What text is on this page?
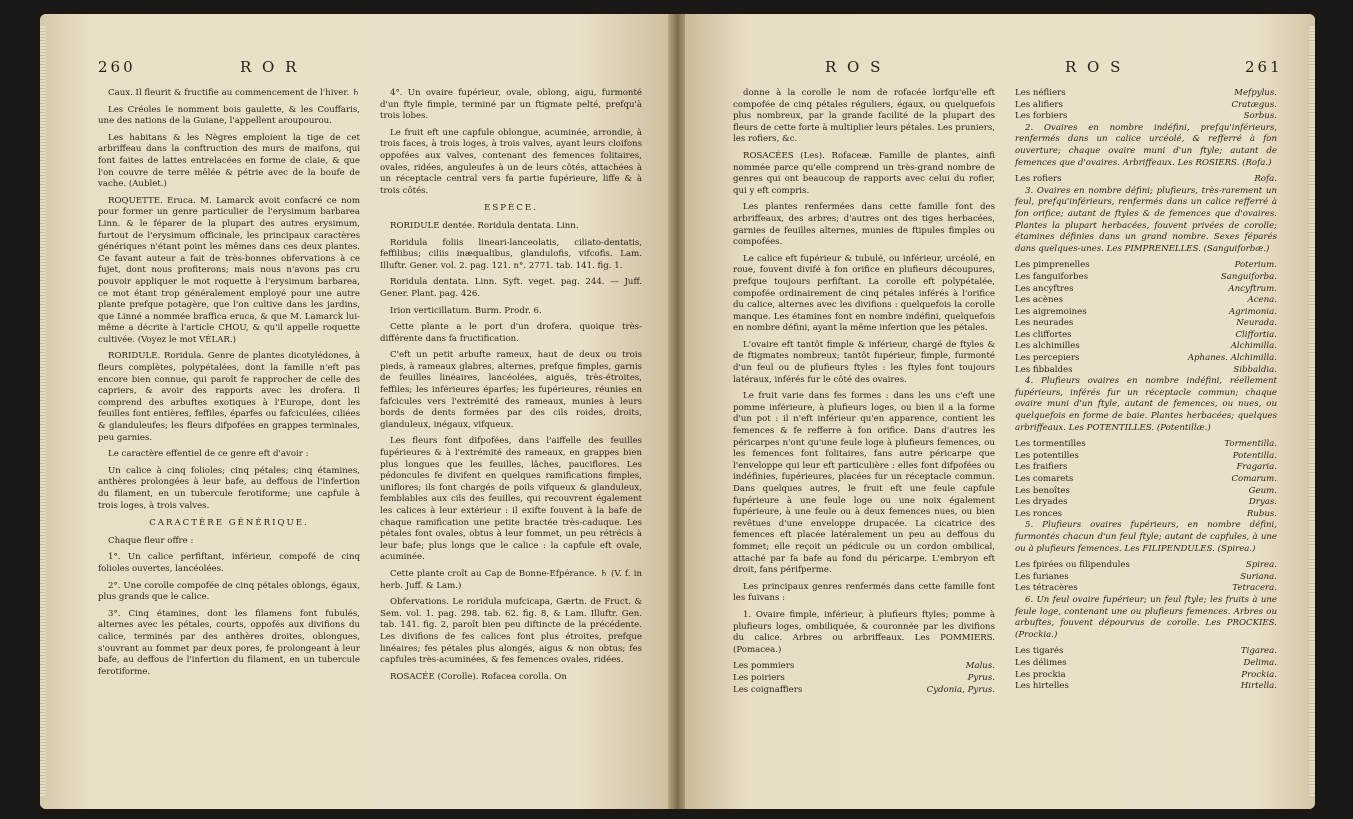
260	R O R

Caux. Il fleurit & fructifie au commencement de l'hiver. ♄

Les Créoles le nomment bois gaulette, & les Couffaris, une des nations de la Guiane, l'appellent aroupourou.

Les habitans & les Nègres emploient la tige de cet arbriffeau dans la conftruction des murs de maifons, qui font faites de lattes entrelacées en forme de claie, & que l'on couvre de terre mêlée & pétrie avec de la boufe de vache. (Aublet.)

ROQUETTE. Eruca. M. Lamarck avoit confacré ce nom pour former un genre particulier de l'erysimum barbarea Linn. & le féparer de la plupart des autres erysimum, furtout de l'erysimum officinale, les principaux caractères génériques n'étant point les mêmes dans ces deux plantes. Ce favant auteur a fait de très-bonnes obfervations à ce fujet, dont nous profiterons; mais nous n'avons pas cru pouvoir appliquer le mot roquette à l'erysimum barbarea, ce mot étant trop généralement employé pour une autre plante prefque potagère, que l'on cultive dans les jardins, que Linné a nommée braffica eruca, & que M. Lamarck lui-même a décrite à l'article CHOU, & qu'il appelle roquette cultivée. (Voyez le mot VÉLAR.)

RORIDULE. Roridula. Genre de plantes dicotylédones, à fleurs complètes, polypétalées, dont la famille n'eft pas encore bien connue, qui paroît fe rapprocher de celle des capriers, & avoir des rapports avec les drofera. Il comprend des arbuftes exotiques à l'Europe, dont les feuilles font entières, feffiles, éparfes ou fafciculées, ciliées & glanduleufes; les fleurs difpofées en grappes terminales, peu garnies.

Le caractère effentiel de ce genre eft d'avoir :

Un calice à cinq folioles; cinq pétales; cinq étamines, anthères prolongées à leur bafe, au deffous de l'infertion du filament, en un tubercule ferotiforme; une capfule à trois loges, à trois valves.

CARACTÈRE GÉNÉRIQUE.

Chaque fleur offre :

1°. Un calice perfiftant, inférieur, compofé de cinq folioles ouvertes, lancéolées.

2°. Une corolle compofée de cinq pétales oblongs, égaux, plus grands que le calice.

3°. Cinq étamines, dont les filamens font fubulés, alternes avec les pétales, courts, oppofés aux divifions du calice, terminés par des anthères droites, oblongues, s'ouvrant au fommet par deux pores, fe prolongeant à leur bafe, au deffous de l'infertion du filament, en un tubercule ferotiforme.

4°. Un ovaire fupérieur, ovale, oblong, aigu, furmonté d'un ftyle fimple, terminé par un ftigmate pelté, prefqu'à trois lobes.

Le fruit eft une capfule oblongue, acuminée, arrondie, à trois faces, à trois loges, à trois valves, ayant leurs cloifons oppofées aux valves, contenant des femences folitaires, ovales, ridées, anguleufes à un de leurs côtés, attachées à un réceptacle central vers fa partie fupérieure, liffe & à trois côtés.

ESPÈCE.

RORIDULE dentée. Roridula dentata. Linn.

Roridula foliis lineari-lanceolatis, ciliato-dentatis, feffilibus; ciliis inæqualibus, glandulofis, vifcofis. Lam. Illuftr. Gener. vol. 2. pag. 121. n°. 2771. tab. 141. fig. 1.

Roridula dentata. Linn. Syft. veget. pag. 244. — Juff. Gener. Plant. pag. 426.

Irion verticillatum. Burm. Prodr. 6.

Cette plante a le port d'un drofera, quoique très-différente dans fa fructification.

C'eft un petit arbufte rameux, haut de deux ou trois pieds, à rameaux glabres, alternes, prefque fimples, garnis de feuilles linéaires, lancéolées, aiguës, très-étroites, feffiles; les inférieures éparfes; les fupérieures, réunies en fafcicules vers l'extrémité des rameaux, munies à leurs bords de dents formées par des cils roides, droits, glanduleux, inégaux, vifqueux.

Les fleurs font difpofées, dans l'aiffelle des feuilles fupérieures & à l'extrémité des rameaux, en grappes bien plus longues que les feuilles, lâches, pauciflores. Les pédoncules fe divifent en quelques ramifications fimples, uniflores; ils font chargés de poils vifqueux & glanduleux, femblables aux cils des feuilles, qui recouvrent également les calices à leur extérieur : il exifte fouvent à la bafe de chaque ramification une petite bractée très-caduque. Les pétales font ovales, obtus à leur fommet, un peu rétrécis à leur bafe; plus longs que le calice : la capfule eft ovale, acuminée.

Cette plante croît au Cap de Bonne-Efpérance. ♄ (V. f. in herb. Juff. & Lam.)

Obfervations. Le roridula mufcicapa, Gærtn. de Fruct. & Sem. vol. 1. pag. 298. tab. 62. fig. 8, & Lam. Illuftr. Gen. tab. 141. fig. 2, paroît bien peu diftincte de la précédente. Les divifions de fes calices font plus étroites, prefque linéaires; fes pétales plus alongés, aigus & non obtus; fes capfules très-acuminées, & fes femences ovales, ridées.

ROSACÉE (Corolle). Rofacea corolla. On

R O S	R O S	261

donne à la corolle le nom de rofacée lorfqu'elle eft compofée de cinq pétales réguliers, égaux, ou quelquefois plus nombreux, par la grande facilité de la plupart des fleurs de cette forte à multiplier leurs pétales. Les pruniers, les rofiers, &c.

ROSACÉES (Les). Rofaceæ. Famille de plantes, ainfi nommée parce qu'elle comprend un très-grand nombre de genres qui ont beaucoup de rapports avec celui du rofier, qui y eft compris.

Les plantes renfermées dans cette famille font des arbriffeaux, des arbres; d'autres ont des tiges herbacées, garnies de feuilles alternes, munies de ftipules fimples ou compofées.

Le calice eft fupérieur & tubulé, ou inférieur, urcéolé, en roue, fouvent divifé à fon orifice en plufieurs découpures, prefque toujours perfiftant. La corolle eft polypétalée, compofée ordinairement de cinq pétales inférés à l'orifice du calice, alternes avec les divifions : quelquefois la corolle manque. Les étamines font en nombre indéfini, quelquefois en nombre défini, ayant la même infertion que les pétales.

L'ovaire eft tantôt fimple & inférieur, chargé de ftyles & de ftigmates nombreux; tantôt fupérieur, fimple, furmonté d'un feul ou de plufieurs ftyles : les ftyles font toujours latéraux, inférés fur le côté des ovaires.

Le fruit varie dans fes formes : dans les uns c'eft une pomme inférieure, à plufieurs loges, ou bien il a la forme d'un pot : il n'eft inférieur qu'en apparence, contient les femences & fe refferre à fon orifice. Dans d'autres les péricarpes n'ont qu'une feule loge à plufieurs femences, ou les femences font folitaires, fans autre péricarpe que l'enveloppe qui leur eft particulière : elles font difpofées ou indéfinies, fupérieures, placées fur un réceptacle commun. Dans quelques autres, le fruit eft une feule capfule fupérieure à une feule loge ou une noix également fupérieure, à une feule ou à deux femences nues, ou bien revêtues d'une enveloppe drupacée. La cicatrice des femences eft placée latéralement un peu au deffous du fommet; elle reçoit un pédicule ou un cordon ombilical, attaché par fa bafe au fond du péricarpe. L'embryon eft droit, fans périfperme.

Les principaux genres renfermés dans cette famille font les fuivans :

1. Ovaire fimple, inférieur, à plufieurs ftyles; pomme à plufieurs loges, ombiliquée, & couronnée par les divifions du calice. Arbres ou arbriffeaux. Les POMMIERS. (Pomacea.)

Les pommiers	Malus.
Les poiriers	Pyrus.
Les coignaffiers	Cydonia, Pyrus.
Les néfliers	Mefpylus.
Les alifiers	Cratægus.
Les forbiers	Sorbus.

2. Ovaires en nombre indéfini, prefqu'inférieurs, renfermés dans un calice urcéolé, & refferré à fon ouverture; chaque ovaire muni d'un ftyle; autant de femences que d'ovaires. Arbriffeaux. Les ROSIERS. (Rofa.)

Les rofiers	Rofa.

3. Ovaires en nombre défini; plufieurs, très-rarement un feul, prefqu'inférieurs, renfermés dans un calice refferré à fon orifice; autant de ftyles & de femences que d'ovaires. Plantes la plupart herbacées, fouvent privées de corolle; étamines définies dans un grand nombre. Sexes féparés dans quelques-unes. Les PIMPRENELLES. (Sanguiforbæ.)

Les pimprenelles	Poterium.
Les fanguiforbes	Sanguiforba.
Les ancyftres	Ancyftrum.
Les acènes	Acena.
Les aigremoines	Agrimonia.
Les neurades	Neurada.
Les cliffortes	Cliffortia.
Les alchimilles	Alchimilla.
Les percepiers	Aphanes. Alchimilla.
Les fibbaldes	Sibbaldia.

4. Plufieurs ovaires en nombre indéfini, réellement fupérieurs, inférés fur un réceptacle commun; chaque ovaire muni d'un ftyle, autant de femences, ou nues, ou quelquefois en forme de baie. Plantes herbacées; quelques arbriffeaux. Les POTENTILLES. (Potentillæ.)

Les tormentilles	Tormentilla.
Les potentilles	Potentilla.
Les fraifiers	Fragaria.
Les comarets	Comarum.
Les benoîtes	Geum.
Les dryades	Dryas.
Les ronces	Rubus.

5. Plufieurs ovaires fupérieurs, en nombre défini, furmontés chacun d'un feul ftyle; autant de capfules, à une ou à plufieurs femences. Les FILIPENDULES. (Spirea.)

Les fpirées ou filipendules	Spirea.
Les furianes	Suriana.
Les tétracères	Tetracera.

6. Un feul ovaire fupérieur; un feul ftyle; les fruits à une feule loge, contenant une ou plufieurs femences. Arbres ou arbuftes, fouvent dépourvus de corolle. Les PROCKIES. (Prockia.)

Les tigarés	Tigarea.
Les délimes	Delima.
Les prockia	Prockia.
Les hirtelles	Hirtella.
